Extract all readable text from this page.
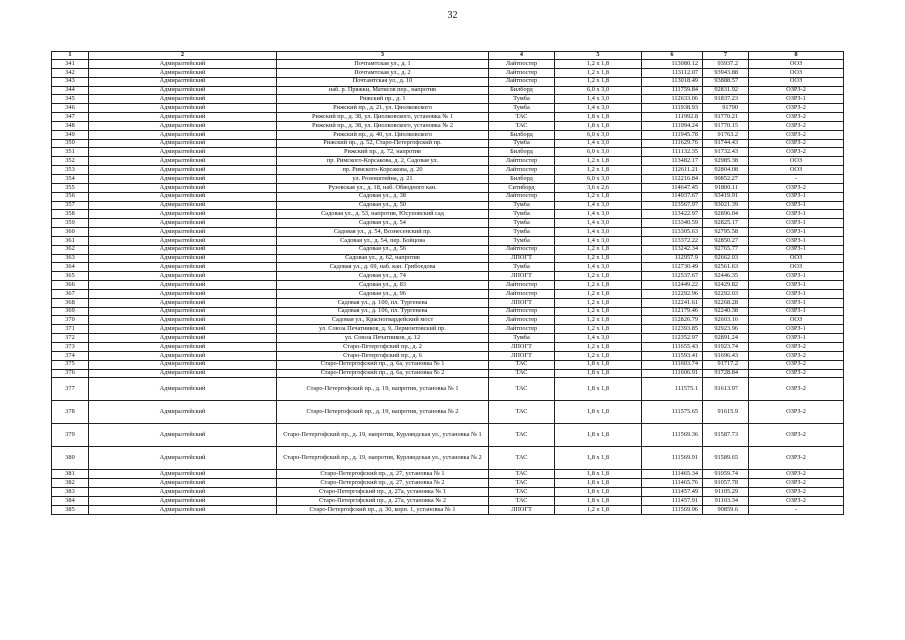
32
1	2	3	4	5	6	7	8
341	Адмиралтейский	Почтамтская ул., д. 1	Лайтпостер	1,2 х 1,8	113080.12	93937.2	ООЗ
342	Адмиралтейский	Почтамтская ул., д. 2	Лайтпостер	1,2 х 1,8	113112.07	93943.88	ООЗ
343	Адмиралтейский	Почтамтская ул., д. 10	Лайтпостер	1,2 х 1,8	113018.49	93888.57	ООЗ
344	Адмиралтейский	наб. р. Пряжки, Матисов пер., напротив	Билборд	6,0 х 3,0	111759.84	92831.92	ОЗРЗ-2
345	Адмиралтейский	Рижский пр., д. 1	Тумба	1,4 х 3,0	112633.06	91837.23	ОЗРЗ-1
346	Адмиралтейский	Рижский пр., д. 21, ул. Циолковского	Тумба	1,4 х 3,0	111938.93	91790	ОЗРЗ-2
347	Адмиралтейский	Рижский пр., д. 38, ул. Циолковского, установка № 1	ТАС	1,8 х 1,8	111992.8	91770.21	ОЗРЗ-2
348	Адмиралтейский	Рижский пр., д. 38, ул. Циолковского, установка № 2	ТАС	1,8 х 1,8	111994.24	91770.15	ОЗРЗ-2
349	Адмиралтейский	Рижский пр., д. 40, ул. Циолковского	Билборд	6,0 х 3,0	111945.78	91763.2	ОЗРЗ-2
350	Адмиралтейский	Рижский пр., д. 52, Старо-Петергофский пр.	Тумба	1,4 х 3,0	111629.76	91744.43	ОЗРЗ-2
351	Адмиралтейский	Рижский пр., д. 72, напротив	Билборд	6,0 х 3,0	111132.35	91732.43	ОЗРЗ-2
352	Адмиралтейский	пр. Римского-Корсакова, д. 2, Садовая ул.	Лайтпостер	1,2 х 1,8	113482.17	92985.38	ООЗ
353	Адмиралтейский	пр. Римского-Корсакова, д. 20	Лайтпостер	1,2 х 1,8	112611.21	92804.08	ООЗ
354	Адмиралтейский	ул. Розенштейна, д. 21	Билборд	6,0 х 3,0	112216.84	90852.27	-
355	Адмиралтейский	Рузовская ул., д. 18, наб. Обводного кан.	Ситиборд	3,6 х 2,6	114647.45	91800.11	ОЗРЗ-2
356	Адмиралтейский	Садовая ул., д. 38	Лайтпостер	1,2 х 1,8	114037.67	93419.91	ОЗРЗ-1
357	Адмиралтейский	Садовая ул., д. 50	Тумба	1,4 х 3,0	113567.97	93021.39	ОЗРЗ-1
358	Адмиралтейский	Садовая ул., д. 53, напротив, Юсуповский сад	Тумба	1,4 х 3,0	113422.97	92896.04	ОЗРЗ-1
359	Адмиралтейский	Садовая ул., д. 54	Тумба	1,4 х 3,0	113340.59	92825.17	ОЗРЗ-1
360	Адмиралтейский	Садовая ул., д. 54, Вознесенский пр.	Тумба	1,4 х 3,0	113305.63	92795.58	ОЗРЗ-1
361	Адмиралтейский	Садовая ул., д. 54, пер. Бойцова	Тумба	1,4 х 3,0	113372.22	92850.27	ОЗРЗ-1
362	Адмиралтейский	Садовая ул., д. 56	Лайтпостер	1,2 х 1,8	113242.34	92765.77	ОЗРЗ-1
363	Адмиралтейский	Садовая ул., д. 62, напротив	ЛПОГТ	1,2 х 1,8	112957.9	92662.03	ООЗ
364	Адмиралтейский	Садовая ул., д. 69, наб. кан. Грибоедова	Тумба	1,4 х 3,0	112730.49	92561.63	ООЗ
365	Адмиралтейский	Садовая ул., д. 74	ЛПОГТ	1,2 х 1,8	112537.67	92446.35	ОЗРЗ-1
366	Адмиралтейский	Садовая ул., д. 83	Лайтпостер	1,2 х 1,8	112449.22	92429.82	ОЗРЗ-1
367	Адмиралтейский	Садовая ул., д. 96	Лайтпостер	1,2 х 1,8	112292.96	92292.03	ОЗРЗ-1
368	Адмиралтейский	Садовая ул., д. 100, пл. Тургенева	ЛПОГТ	1,2 х 1,8	112241.61	92268.28	ОЗРЗ-1
369	Адмиралтейский	Садовая ул., д. 106, пл. Тургенева	Лайтпостер	1,2 х 1,8	112179.46	92240.38	ОЗРЗ-1
370	Адмиралтейский	Садовая ул., Красногвардейский мост	Лайтпостер	1,2 х 1,8	112826.79	92603.16	ООЗ
371	Адмиралтейский	ул. Союза Печатников, д. 9, Лермонтовский пр.	Лайтпостер	1,2 х 1,8	112393.85	92923.96	ОЗРЗ-1
372	Адмиралтейский	ул. Союза Печатников, д. 12	Тумба	1,4 х 3,0	112352.97	92891.24	ОЗРЗ-1
373	Адмиралтейский	Старо-Петергофский пр., д. 2	ЛПОГТ	1,2 х 1,8	111655.43	91923.74	ОЗРЗ-2
374	Адмиралтейский	Старо-Петергофский пр., д. 6	ЛПОГТ	1,2 х 1,8	111593.41	91696.43	ОЗРЗ-2
375	Адмиралтейский	Старо-Петергофский пр., д. 6а, установка № 1	ТАС	1,8 х 1,8	111603.74	91717.2	ОЗРЗ-2
376	Адмиралтейский	Старо-Петергофский пр., д. 6а, установка № 2	ТАС	1,8 х 1,8	111606.91	91728.84	ОЗРЗ-2
377	Адмиралтейский	Старо-Петергофский пр., д. 19, напротив, установка № 1	ТАС	1,8 х 1,8	111575.1	91613.97	ОЗРЗ-2
378	Адмиралтейский	Старо-Петергофский пр., д. 19, напротив, установка № 2	ТАС	1,8 х 1,8	111575.65	91615.9	ОЗРЗ-2
379	Адмиралтейский	Старо-Петергофский пр., д. 19, напротив, Курляндская ул., установка № 1	ТАС	1,8 х 1,8	111569.36	91587.73	ОЗРЗ-2
380	Адмиралтейский	Старо-Петергофский пр., д. 19, напротив, Курляндская ул., установка № 2	ТАС	1,8 х 1,8	111569.91	91589.65	ОЗРЗ-2
381	Адмиралтейский	Старо-Петергофский пр., д. 27, установка № 1	ТАС	1,8 х 1,8	111465.34	91059.74	ОЗРЗ-2
382	Адмиралтейский	Старо-Петергофский пр., д. 27, установка № 2	ТАС	1,8 х 1,8	111465.76	91057.78	ОЗРЗ-2
383	Адмиралтейский	Старо-Петергофский пр., д. 27а, установка № 1	ТАС	1,8 х 1,8	111457.49	91105.29	ОЗРЗ-2
384	Адмиралтейский	Старо-Петергофский пр., д. 27а, установка № 2	ТАС	1,8 х 1,8	111457.91	91103.34	ОЗРЗ-2
385	Адмиралтейский	Старо-Петергофский пр., д. 30, корп. 1, установка № 1	ЛПОГТ	1,2 х 1,8	111569.96	90859.6	-
